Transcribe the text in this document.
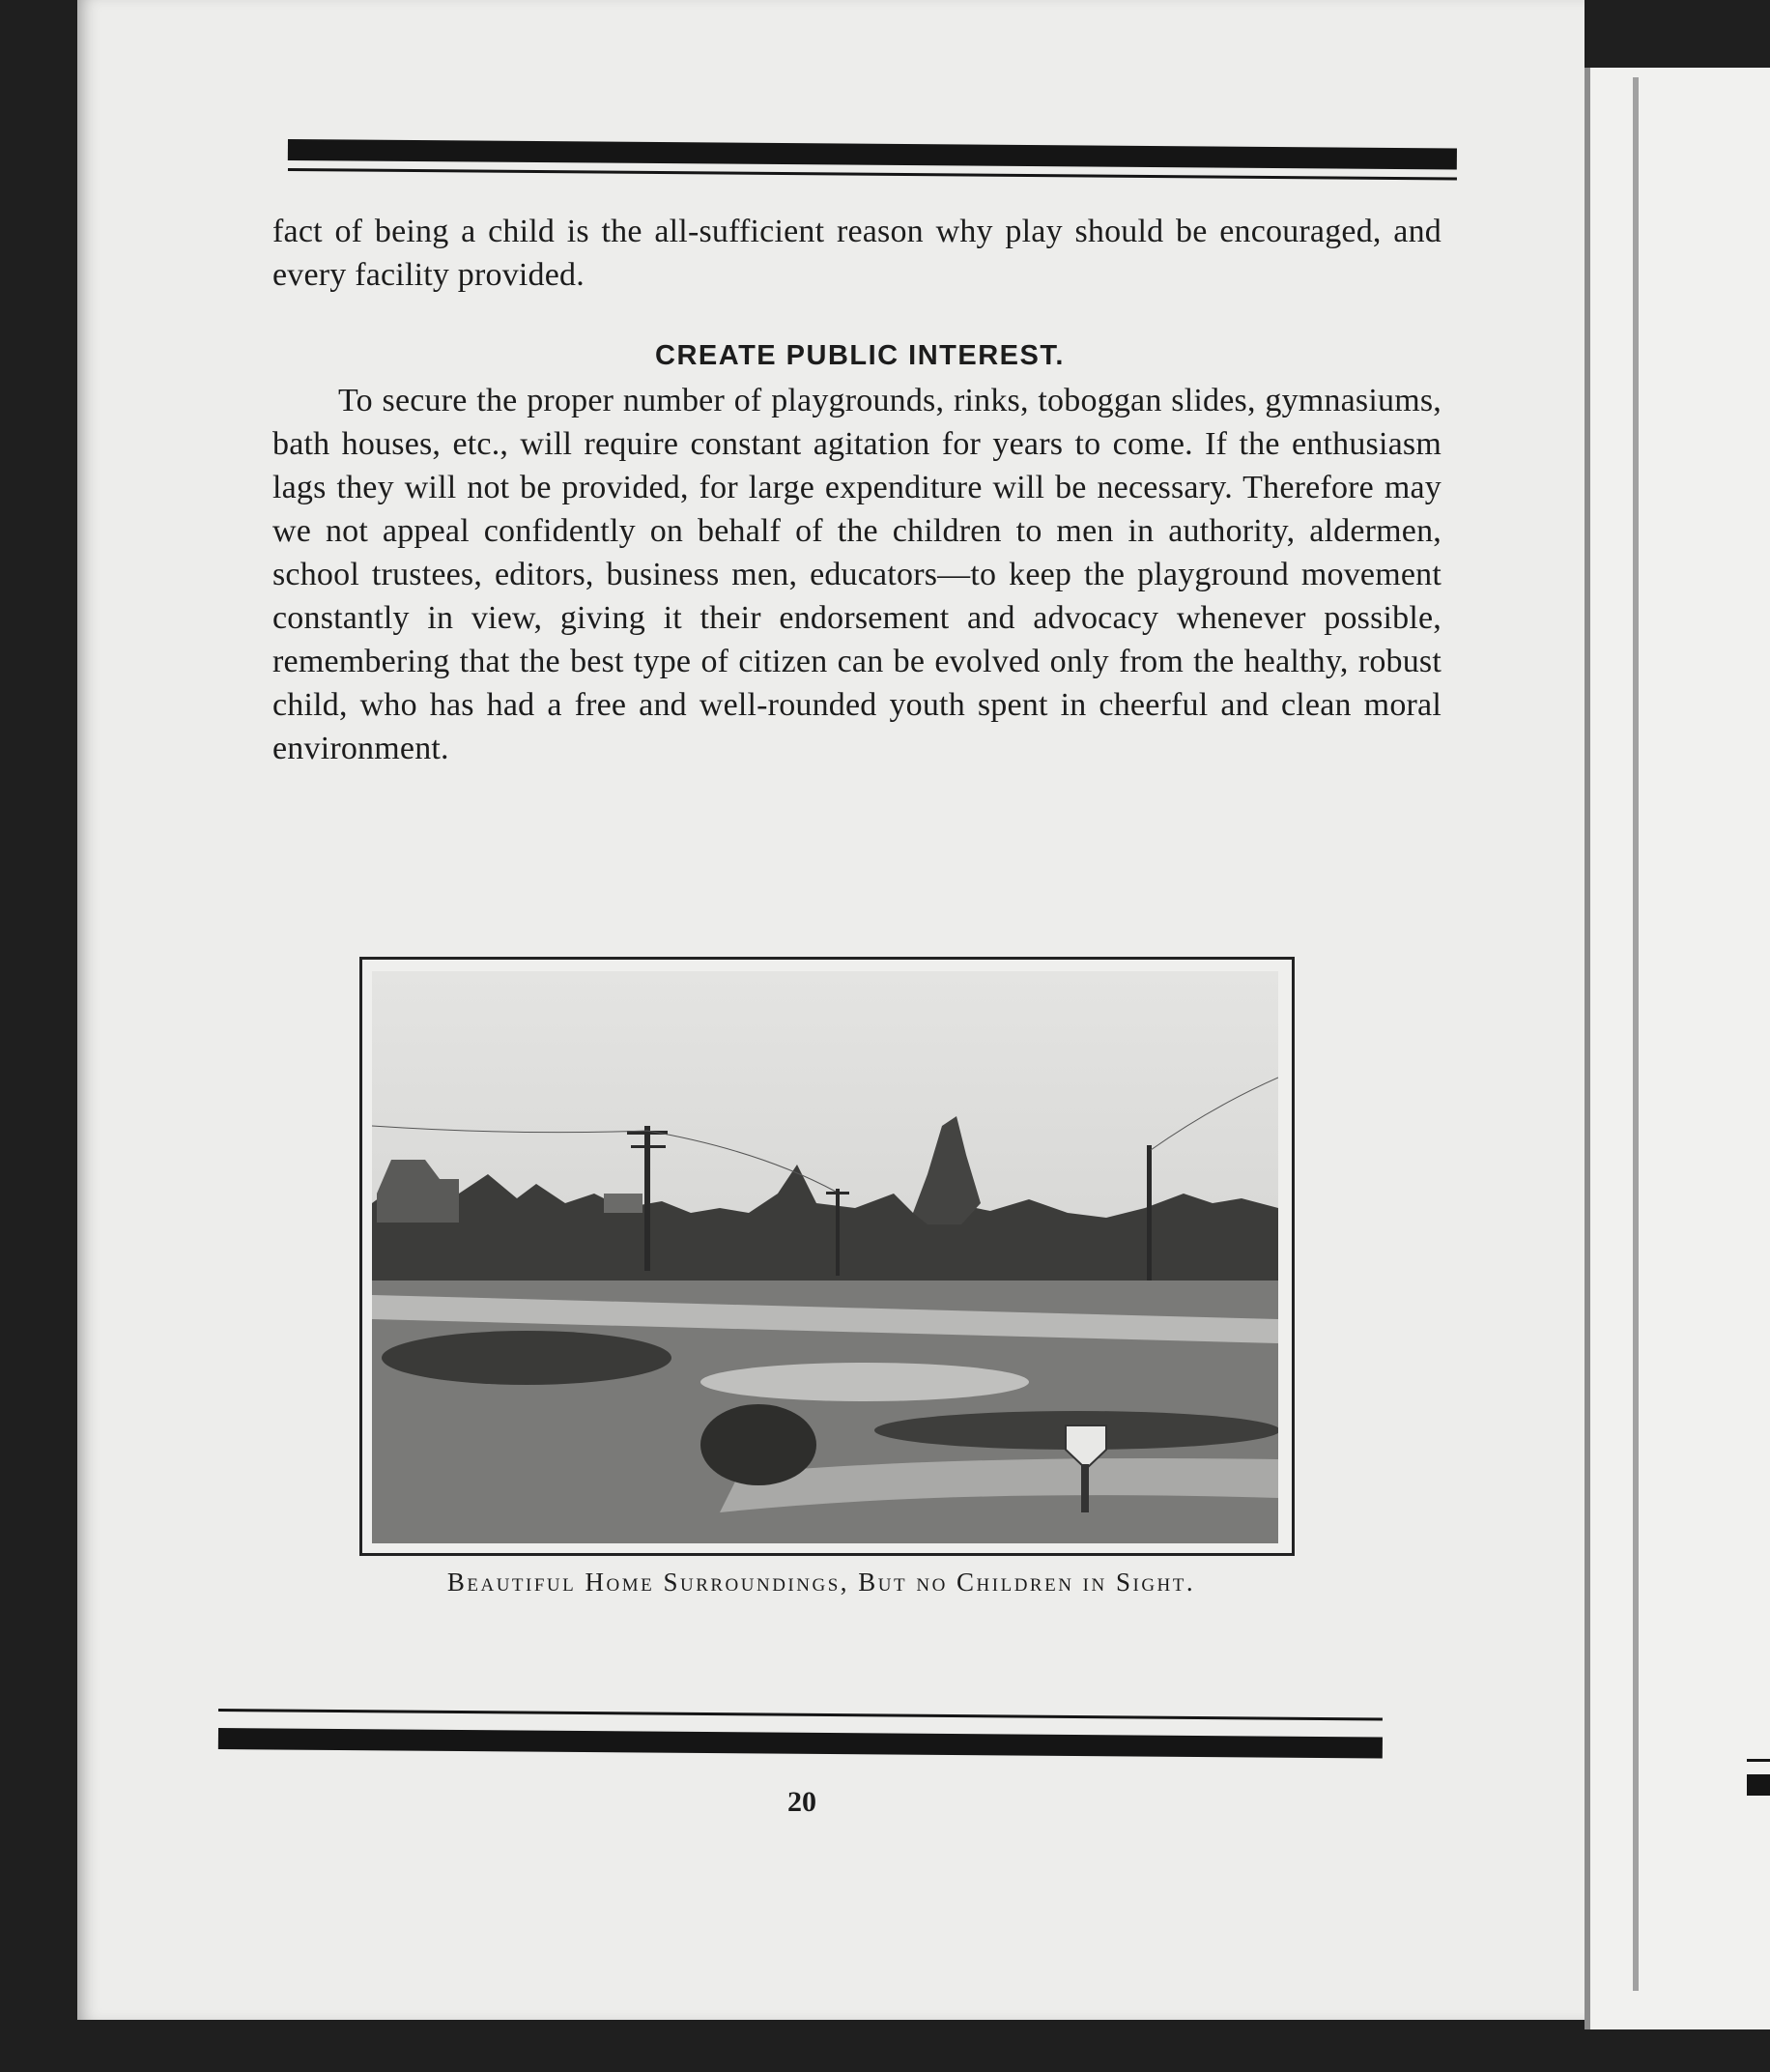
fact of being a child is the all-sufficient reason why play should be encouraged, and every facility provided.
CREATE PUBLIC INTEREST.
To secure the proper number of playgrounds, rinks, toboggan slides, gymnasiums, bath houses, etc., will require constant agitation for years to come. If the enthusiasm lags they will not be provided, for large expenditure will be necessary. Therefore may we not appeal confidently on behalf of the children to men in authority, aldermen, school trustees, editors, business men, educators—to keep the playground movement constantly in view, giving it their endorsement and advocacy whenever possible, remembering that the best type of citizen can be evolved only from the healthy, robust child, who has had a free and well-rounded youth spent in cheerful and clean moral environment.
Beautiful Home Surroundings, But no Children in Sight.
20
